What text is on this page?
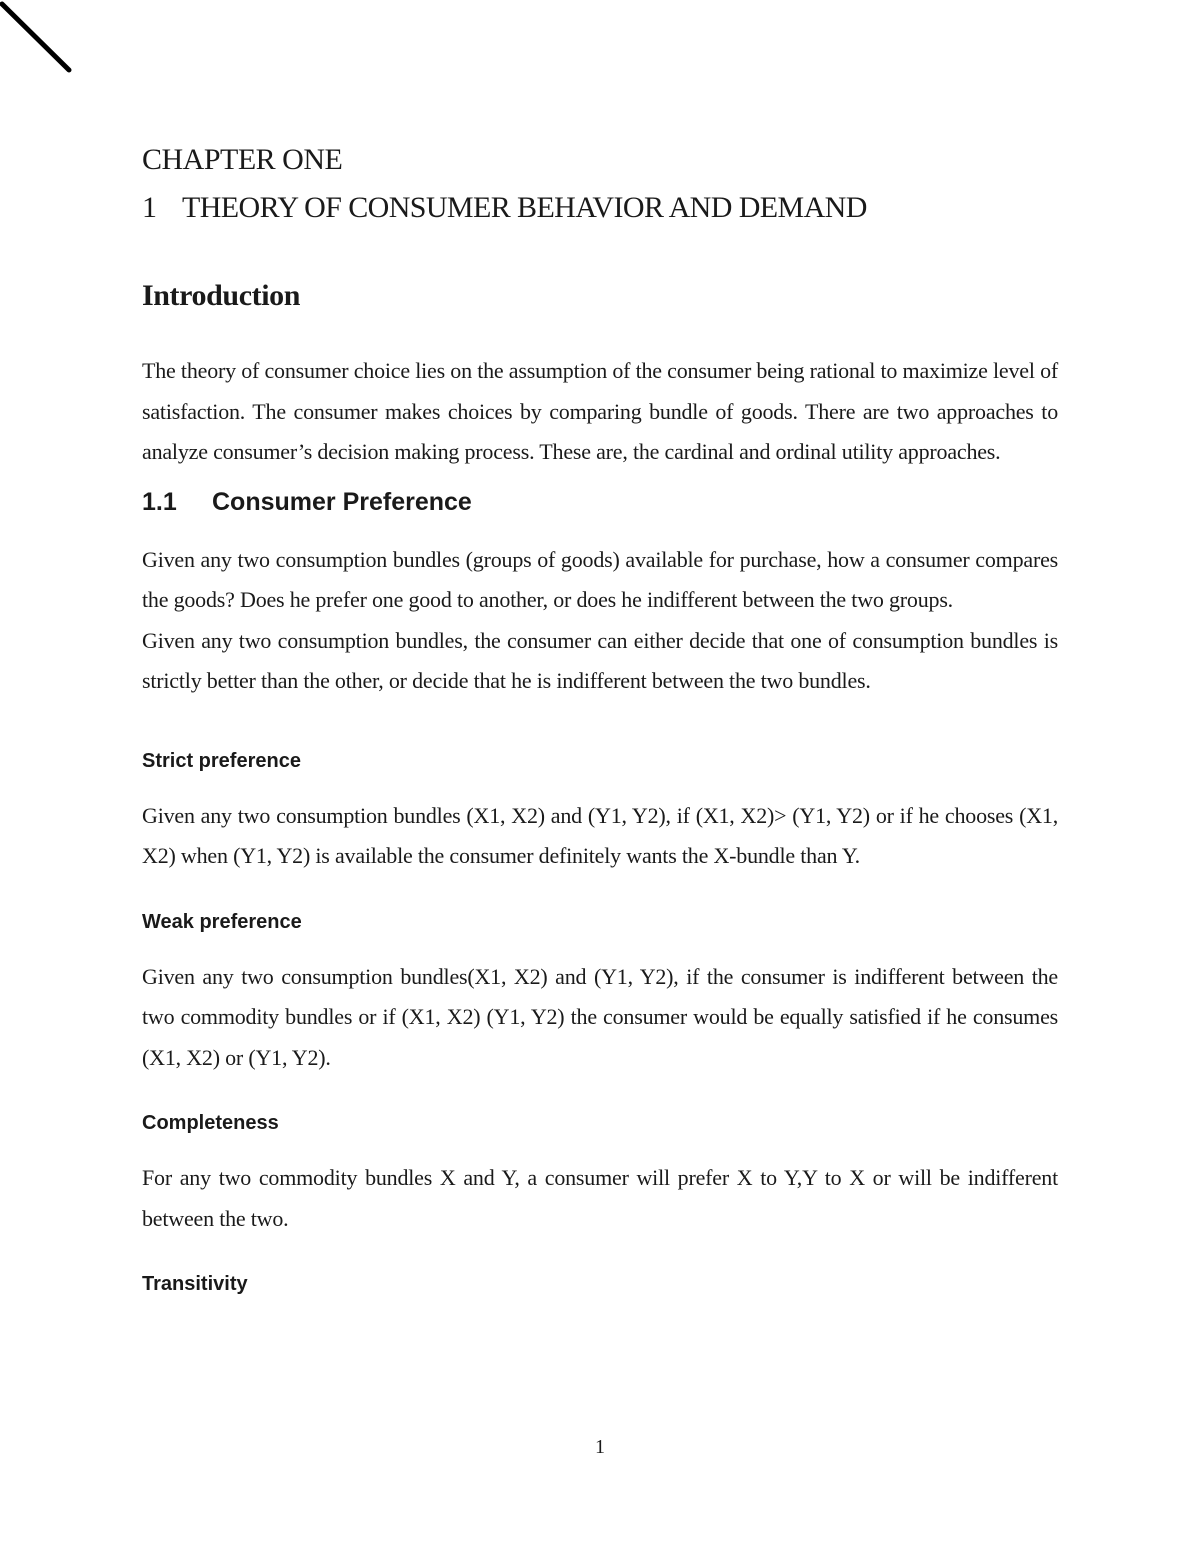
CHAPTER ONE
1 THEORY OF CONSUMER BEHAVIOR AND DEMAND
Introduction

The theory of consumer choice lies on the assumption of the consumer being rational to maximize level of satisfaction. The consumer makes choices by comparing bundle of goods. There are two approaches to analyze consumer’s decision making process. These are, the cardinal and ordinal utility approaches.

1.1 Consumer Preference

Given any two consumption bundles (groups of goods) available for purchase, how a consumer compares the goods? Does he prefer one good to another, or does he indifferent between the two groups.

Given any two consumption bundles, the consumer can either decide that one of consumption bundles is strictly better than the other, or decide that he is indifferent between the two bundles.

Strict preference

Given any two consumption bundles (X1, X2) and (Y1, Y2), if (X1, X2)> (Y1, Y2) or if he chooses (X1, X2) when (Y1, Y2) is available the consumer definitely wants the X-bundle than Y.

Weak preference

Given any two consumption bundles(X1, X2) and (Y1, Y2), if the consumer is indifferent between the two commodity bundles or if (X1, X2) (Y1, Y2) the consumer would be equally satisfied if he consumes (X1, X2) or (Y1, Y2).

Completeness

For any two commodity bundles X and Y, a consumer will prefer X to Y,Y to X or will be indifferent between the two.

Transitivity
1
